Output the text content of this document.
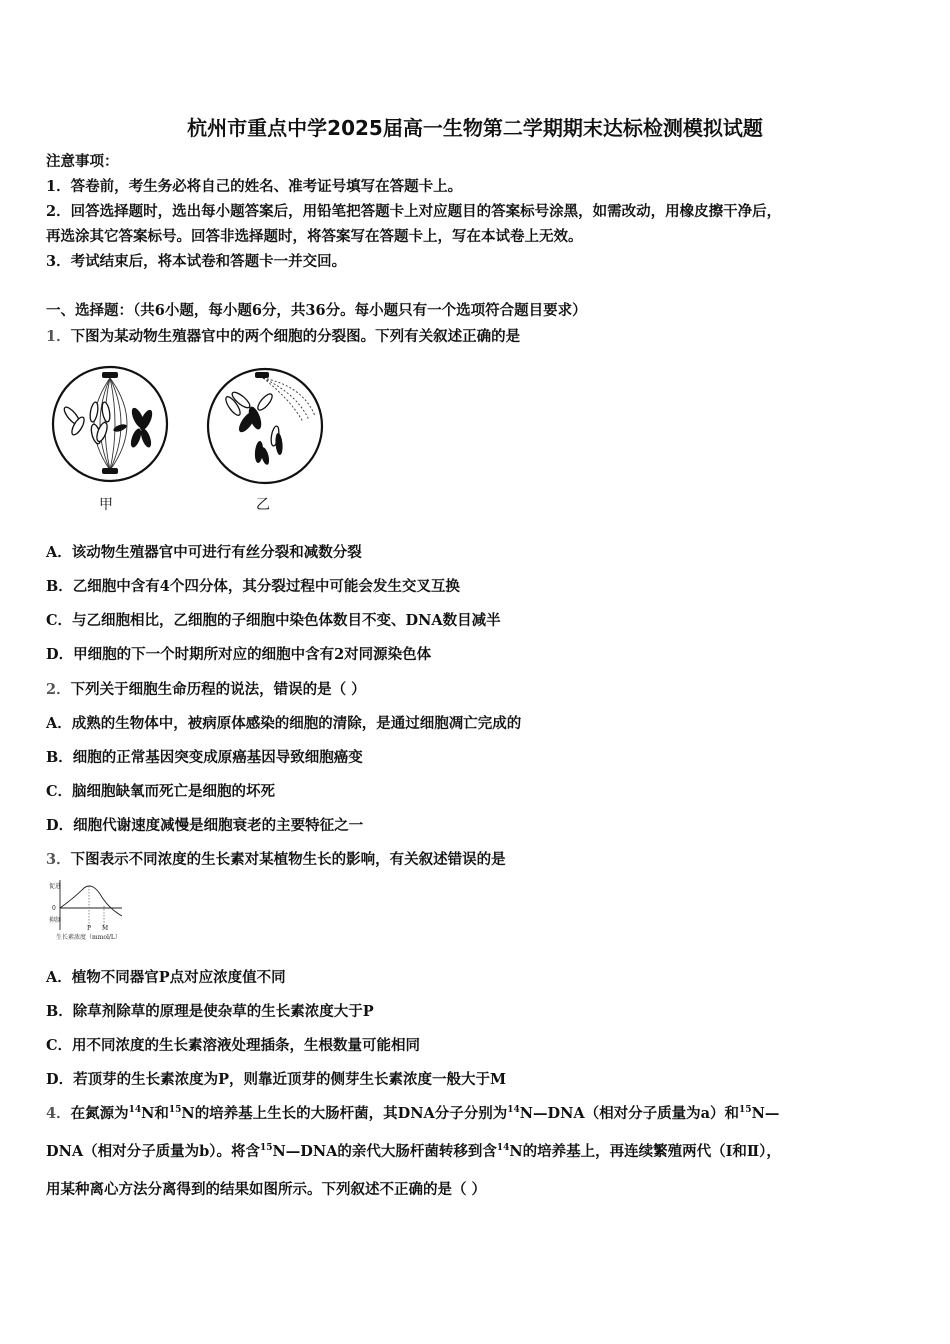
杭州市重点中学2025届高一生物第二学期期末达标检测模拟试题
注意事项：
1．答卷前，考生务必将自己的姓名、准考证号填写在答题卡上。
2．回答选择题时，选出每小题答案后，用铅笔把答题卡上对应题目的答案标号涂黑，如需改动，用橡皮擦干净后，
再选涂其它答案标号。回答非选择题时，将答案写在答题卡上，写在本试卷上无效。
3．考试结束后，将本试卷和答题卡一并交回。
一、选择题：（共6小题，每小题6分，共36分。每小题只有一个选项符合题目要求）
1．下图为某动物生殖器官中的两个细胞的分裂图。下列有关叙述正确的是
甲	乙
A．该动物生殖器官中可进行有丝分裂和减数分裂
B．乙细胞中含有4个四分体，其分裂过程中可能会发生交叉互换
C．与乙细胞相比，乙细胞的子细胞中染色体数目不变、DNA数目减半
D．甲细胞的下一个时期所对应的细胞中含有2对同源染色体
2．下列关于细胞生命历程的说法，错误的是（ ）
A．成熟的生物体中，被病原体感染的细胞的清除，是通过细胞凋亡完成的
B．细胞的正常基因突变成原癌基因导致细胞癌变
C．脑细胞缺氧而死亡是细胞的坏死
D．细胞代谢速度减慢是细胞衰老的主要特征之一
3．下图表示不同浓度的生长素对某植物生长的影响，有关叙述错误的是
促进
0
抑制
P M
生长素浓度（mmol/L）
A．植物不同器官P点对应浓度值不同
B．除草剂除草的原理是使杂草的生长素浓度大于P
C．用不同浓度的生长素溶液处理插条，生根数量可能相同
D．若顶芽的生长素浓度为P，则靠近顶芽的侧芽生长素浓度一般大于M
4．在氮源为$^{14}$N和$^{15}$N的培养基上生长的大肠杆菌，其DNA分子分别为$^{14}$N—DNA（相对分子质量为a）和$^{15}$N—
DNA（相对分子质量为b）。将含$^{15}$N—DNA的亲代大肠杆菌转移到含$^{14}$N的培养基上，再连续繁殖两代（Ⅰ和Ⅱ），
用某种离心方法分离得到的结果如图所示。下列叙述不正确的是（ ）
